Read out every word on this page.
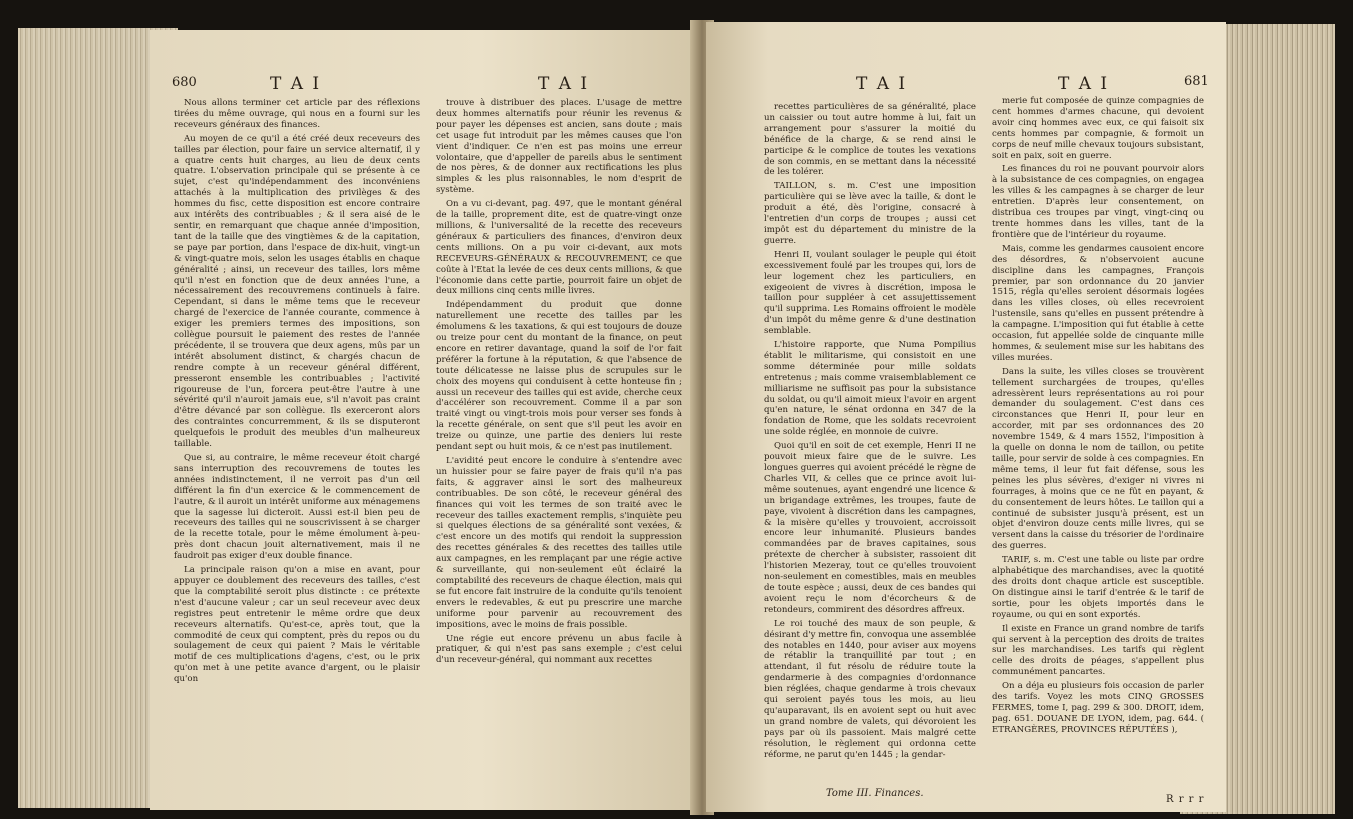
680	T A I	T A I

Nous allons terminer cet article par des réflexions tirées du même ouvrage, qui nous en a fourni sur les receveurs généraux des finances.

Au moyen de ce qu'il a été créé deux receveurs des tailles par élection, pour faire un service alternatif, il y a quatre cents huit charges, au lieu de deux cents quatre. L'observation principale qui se présente à ce sujet, c'est qu'indépendamment des inconvéniens attachés à la multiplication des privilèges & des hommes du fisc, cette disposition est encore contraire aux intérêts des contribuables ; & il sera aisé de le sentir, en remarquant que chaque année d'imposition, tant de la taille que des vingtièmes & de la capitation, se paye par portion, dans l'espace de dix-huit, vingt-un & vingt-quatre mois, selon les usages établis en chaque généralité ; ainsi, un receveur des tailles, lors même qu'il n'est en fonction que de deux années l'une, a nécessairement des recouvremens continuels à faire. Cependant, si dans le même tems que le receveur chargé de l'exercice de l'année courante, commence à exiger les premiers termes des impositions, son collègue poursuit le paiement des restes de l'année précédente, il se trouvera que deux agens, mûs par un intérêt absolument distinct, & chargés chacun de rendre compte à un receveur général différent, presseront ensemble les contribuables ; l'activité rigoureuse de l'un, forcera peut-être l'autre à une sévérité qu'il n'auroit jamais eue, s'il n'avoit pas craint d'être dévancé par son collègue. Ils exerceront alors des contraintes concurremment, & ils se disputeront quelquefois le produit des meubles d'un malheureux taillable.

Que si, au contraire, le même receveur étoit chargé sans interruption des recouvremens de toutes les années indistinctement, il ne verroit pas d'un œil différent la fin d'un exercice & le commencement de l'autre, & il auroit un intérêt uniforme aux ménagemens que la sagesse lui dicteroit. Aussi est-il bien peu de receveurs des tailles qui ne souscrivissent à se charger de la recette totale, pour le même émolument à-peu-près dont chacun jouit alternativement, mais il ne faudroit pas exiger d'eux double finance.

La principale raison qu'on a mise en avant, pour appuyer ce doublement des receveurs des tailles, c'est que la comptabilité seroit plus distincte : ce prétexte n'est d'aucune valeur ; car un seul receveur avec deux registres peut entretenir le même ordre que deux receveurs alternatifs. Qu'est-ce, après tout, que la commodité de ceux qui comptent, près du repos ou du soulagement de ceux qui paient ? Mais le véritable motif de ces multiplications d'agens, c'est, ou le prix qu'on met à une petite avance d'argent, ou le plaisir qu'on

trouve à distribuer des places. L'usage de mettre deux hommes alternatifs pour réunir les revenus & pour payer les dépenses est ancien, sans doute ; mais cet usage fut introduit par les mêmes causes que l'on vient d'indiquer. Ce n'en est pas moins une erreur volontaire, que d'appeller de pareils abus le sentiment de nos pères, & de donner aux rectifications les plus simples & les plus raisonnables, le nom d'esprit de système.

On a vu ci-devant, pag. 497, que le montant général de la taille, proprement dite, est de quatre-vingt onze millions, & l'universalité de la recette des receveurs généraux & particuliers des finances, d'environ deux cents millions. On a pu voir ci-devant, aux mots RECEVEURS-GÉNÉRAUX & RECOUVREMENT, ce que coûte à l'Etat la levée de ces deux cents millions, & que l'économie dans cette partie, pourroit faire un objet de deux millions cinq cents mille livres.

Indépendamment du produit que donne naturellement une recette des tailles par les émolumens & les taxations, & qui est toujours de douze ou treize pour cent du montant de la finance, on peut encore en retirer davantage, quand la soif de l'or fait préférer la fortune à la réputation, & que l'absence de toute délicatesse ne laisse plus de scrupules sur le choix des moyens qui conduisent à cette honteuse fin ; aussi un receveur des tailles qui est avide, cherche ceux d'accélérer son recouvrement. Comme il a par son traité vingt ou vingt-trois mois pour verser ses fonds à la recette générale, on sent que s'il peut les avoir en treize ou quinze, une partie des deniers lui reste pendant sept ou huit mois, & ce n'est pas inutilement.

L'avidité peut encore le conduire à s'entendre avec un huissier pour se faire payer de frais qu'il n'a pas faits, & aggraver ainsi le sort des malheureux contribuables. De son côté, le receveur général des finances qui voit les termes de son traité avec le receveur des tailles exactement remplis, s'inquiète peu si quelques élections de sa généralité sont vexées, & c'est encore un des motifs qui rendoit la suppression des recettes générales & des recettes des tailles utile aux campagnes, en les remplaçant par une régie active & surveillante, qui non-seulement eût éclairé la comptabilité des receveurs de chaque élection, mais qui se fut encore fait instruire de la conduite qu'ils tenoient envers le redevables, & eut pu prescrire une marche uniforme pour parvenir au recouvrement des impositions, avec le moins de frais possible.

Une régie eut encore prévenu un abus facile à pratiquer, & qui n'est pas sans exemple ; c'est celui d'un receveur-général, qui nommant aux recettes

T A I	T A I	681

recettes particulières de sa généralité, place un caissier ou tout autre homme à lui, fait un arrangement pour s'assurer la moitié du bénéfice de la charge, & se rend ainsi le participe & le complice de toutes les vexations de son commis, en se mettant dans la nécessité de les tolérer.

TAILLON, s. m. C'est une imposition particulière qui se lève avec la taille, & dont le produit a été, dès l'origine, consacré à l'entretien d'un corps de troupes ; aussi cet impôt est du département du ministre de la guerre.

Henri II, voulant soulager le peuple qui étoit excessivement foulé par les troupes qui, lors de leur logement chez les particuliers, en exigeoient de vivres à discrétion, imposa le taillon pour suppléer à cet assujettissement qu'il supprima. Les Romains offroient le modèle d'un impôt du même genre & d'une destination semblable.

L'histoire rapporte, que Numa Pompilius établit le militarisme, qui consistoit en une somme déterminée pour mille soldats entretenus ; mais comme vraisemblablement ce milliarisme ne suffisoit pas pour la subsistance du soldat, ou qu'il aimoit mieux l'avoir en argent qu'en nature, le sénat ordonna en 347 de la fondation de Rome, que les soldats recevroient une solde réglée, en monnoie de cuivre.

Quoi qu'il en soit de cet exemple, Henri II ne pouvoit mieux faire que de le suivre. Les longues guerres qui avoient précédé le règne de Charles VII, & celles que ce prince avoit lui-même soutenues, ayant engendré une licence & un brigandage extrêmes, les troupes, faute de paye, vivoient à discrétion dans les campagnes, & la misère qu'elles y trouvoient, accroissoit encore leur inhumanité. Plusieurs bandes commandées par de braves capitaines, sous prétexte de chercher à subsister, rassoient dit l'historien Mezeray, tout ce qu'elles trouvoient non-seulement en comestibles, mais en meubles de toute espèce ; aussi, deux de ces bandes qui avoient reçu le nom d'écorcheurs & de retondeurs, commirent des désordres affreux.

Le roi touché des maux de son peuple, & désirant d'y mettre fin, convoqua une assemblée des notables en 1440, pour aviser aux moyens de rétablir la tranquillité par tout ; en attendant, il fut résolu de réduire toute la gendarmerie à des compagnies d'ordonnance bien réglées, chaque gendarme à trois chevaux qui seroient payés tous les mois, au lieu qu'auparavant, ils en avoient sept ou huit avec un grand nombre de valets, qui dévoroient les pays par où ils passoient. Mais malgré cette résolution, le règlement qui ordonna cette réforme, ne parut qu'en 1445 ; la gendar-

merie fut composée de quinze compagnies de cent hommes d'armes chacune, qui devoient avoir cinq hommes avec eux, ce qui faisoit six cents hommes par compagnie, & formoit un corps de neuf mille chevaux toujours subsistant, soit en paix, soit en guerre.

Les finances du roi ne pouvant pourvoir alors à la subsistance de ces compagnies, on engagea les villes & les campagnes à se charger de leur entretien. D'après leur consentement, on distribua ces troupes par vingt, vingt-cinq ou trente hommes dans les villes, tant de la frontière que de l'intérieur du royaume.

Mais, comme les gendarmes causoient encore des désordres, & n'observoient aucune discipline dans les campagnes, François premier, par son ordonnance du 20 janvier 1515, régla qu'elles seroient désormais logées dans les villes closes, où elles recevroient l'ustensile, sans qu'elles en pussent prétendre à la campagne. L'imposition qui fut établie à cette occasion, fut appellée solde de cinquante mille hommes, & seulement mise sur les habitans des villes murées.

Dans la suite, les villes closes se trouvèrent tellement surchargées de troupes, qu'elles adressèrent leurs représentations au roi pour demander du soulagement. C'est dans ces circonstances que Henri II, pour leur en accorder, mit par ses ordonnances des 20 novembre 1549, & 4 mars 1552, l'imposition à la quelle on donna le nom de taillon, ou petite taille, pour servir de solde à ces compagnies. En même tems, il leur fut fait défense, sous les peines les plus sévères, d'exiger ni vivres ni fourrages, à moins que ce ne fût en payant, & du consentement de leurs hôtes. Le taillon qui a continué de subsister jusqu'à présent, est un objet d'environ douze cents mille livres, qui se versent dans la caisse du trésorier de l'ordinaire des guerres.

TARIF, s. m. C'est une table ou liste par ordre alphabétique des marchandises, avec la quotité des droits dont chaque article est susceptible. On distingue ainsi le tarif d'entrée & le tarif de sortie, pour les objets importés dans le royaume, ou qui en sont exportés.

Il existe en France un grand nombre de tarifs qui servent à la perception des droits de traites sur les marchandises. Les tarifs qui règlent celle des droits de péages, s'appellent plus communément pancartes.

On a déja eu plusieurs fois occasion de parler des tarifs. Voyez les mots CINQ GROSSES FERMES, tome I, pag. 299 & 300. DROIT, idem, pag. 651. DOUANE DE LYON, idem, pag. 644. ( ETRANGÈRES, PROVINCES RÉPUTÉES ),

Tome III. Finances.
R r r r
